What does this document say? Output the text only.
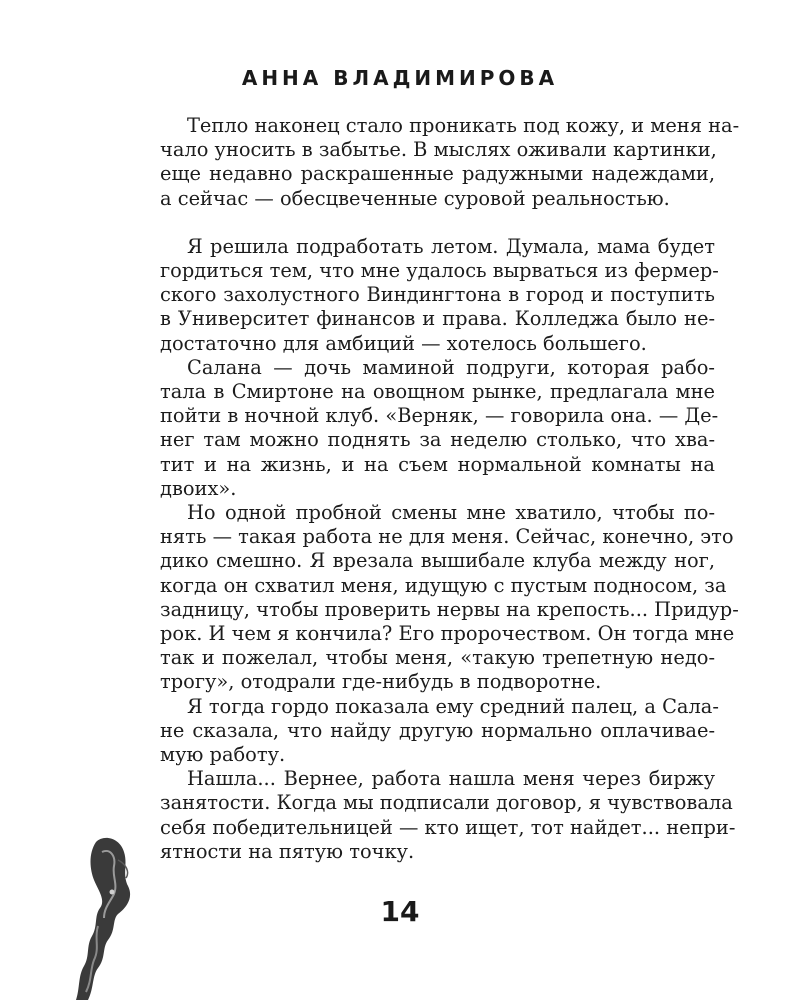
АННА ВЛАДИМИРОВА
Тепло наконец стало проникать под кожу, и меня на-
чало уносить в забытье. В мыслях оживали картинки,
еще недавно раскрашенные радужными надеждами,
а сейчас — обесцвеченные суровой реальностью.
Я решила подработать летом. Думала, мама будет
гордиться тем, что мне удалось вырваться из фермер-
ского захолустного Виндингтона в город и поступить
в Университет финансов и права. Колледжа было не-
достаточно для амбиций — хотелось большего.
Салана — дочь маминой подруги, которая рабо-
тала в Смиртоне на овощном рынке, предлагала мне
пойти в ночной клуб. «Верняк, — говорила она. — Де-
нег там можно поднять за неделю столько, что хва-
тит и на жизнь, и на съем нормальной комнаты на
двоих».
Но одной пробной смены мне хватило, чтобы по-
нять — такая работа не для меня. Сейчас, конечно, это
дико смешно. Я врезала вышибале клуба между ног,
когда он схватил меня, идущую с пустым подносом, за
задницу, чтобы проверить нервы на крепость... Придур-
рок. И чем я кончила? Его пророчеством. Он тогда мне
так и пожелал, чтобы меня, «такую трепетную недо-
трогу», отодрали где-нибудь в подворотне.
Я тогда гордо показала ему средний палец, а Сала-
не сказала, что найду другую нормально оплачивае-
мую работу.
Нашла... Вернее, работа нашла меня через биржу
занятости. Когда мы подписали договор, я чувствовала
себя победительницей — кто ищет, тот найдет... непри-
ятности на пятую точку.
14
